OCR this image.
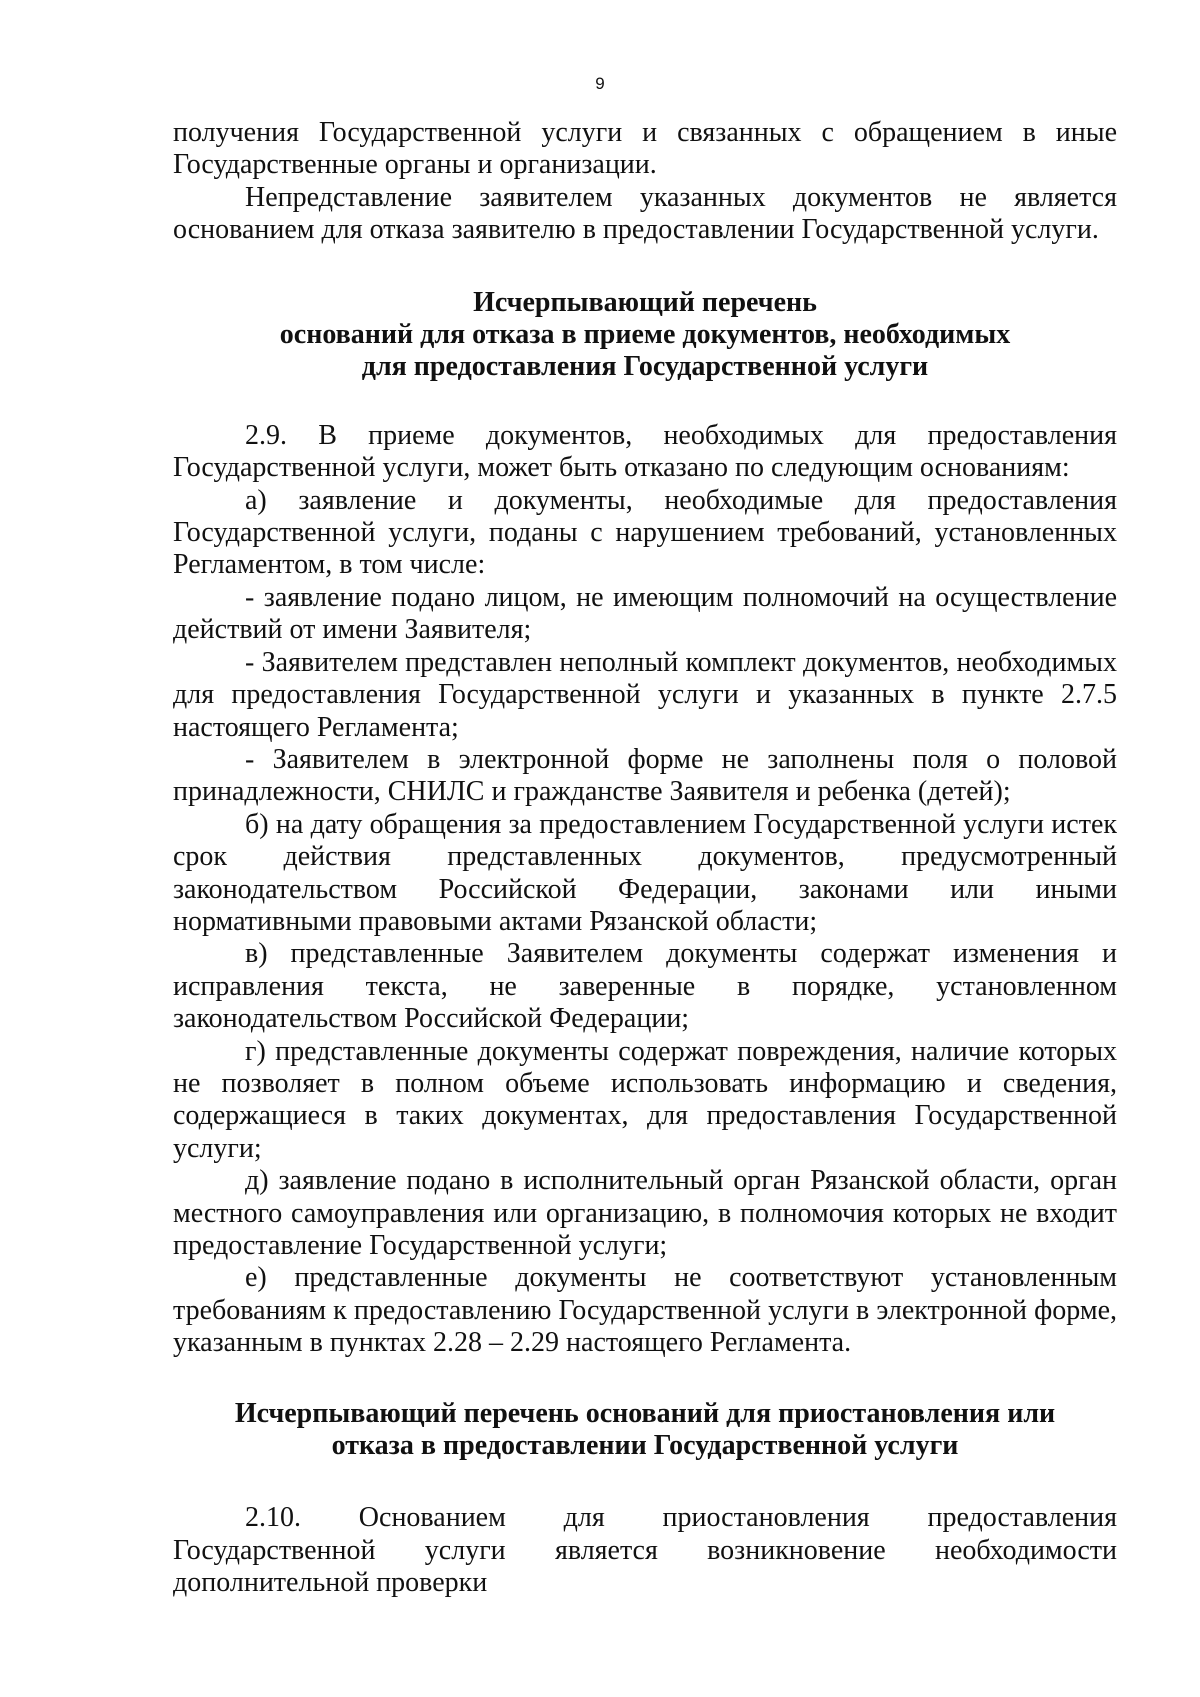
9

получения Государственной услуги и связанных с обращением в иные Государственные органы и организации.

Непредставление заявителем указанных документов не является основанием для отказа заявителю в предоставлении Государственной услуги.

Исчерпывающий перечень
оснований для отказа в приеме документов, необходимых
для предоставления Государственной услуги

2.9. В приеме документов, необходимых для предоставления Государственной услуги, может быть отказано по следующим основаниям:

а) заявление и документы, необходимые для предоставления Государственной услуги, поданы с нарушением требований, установленных Регламентом, в том числе:

- заявление подано лицом, не имеющим полномочий на осуществление действий от имени Заявителя;

- Заявителем представлен неполный комплект документов, необходимых для предоставления Государственной услуги и указанных в пункте 2.7.5 настоящего Регламента;

- Заявителем в электронной форме не заполнены поля о половой принадлежности, СНИЛС и гражданстве Заявителя и ребенка (детей);

б) на дату обращения за предоставлением Государственной услуги истек срок действия представленных документов, предусмотренный законодательством Российской Федерации, законами или иными нормативными правовыми актами Рязанской области;

в) представленные Заявителем документы содержат изменения и исправления текста, не заверенные в порядке, установленном законодательством Российской Федерации;

г) представленные документы содержат повреждения, наличие которых не позволяет в полном объеме использовать информацию и сведения, содержащиеся в таких документах, для предоставления Государственной услуги;

д) заявление подано в исполнительный орган Рязанской области, орган местного самоуправления или организацию, в полномочия которых не входит предоставление Государственной услуги;

е) представленные документы не соответствуют установленным требованиям к предоставлению Государственной услуги в электронной форме, указанным в пунктах 2.28 – 2.29 настоящего Регламента.

Исчерпывающий перечень оснований для приостановления или
отказа в предоставлении Государственной услуги

2.10. Основанием для приостановления предоставления Государственной услуги является возникновение необходимости дополнительной проверки
